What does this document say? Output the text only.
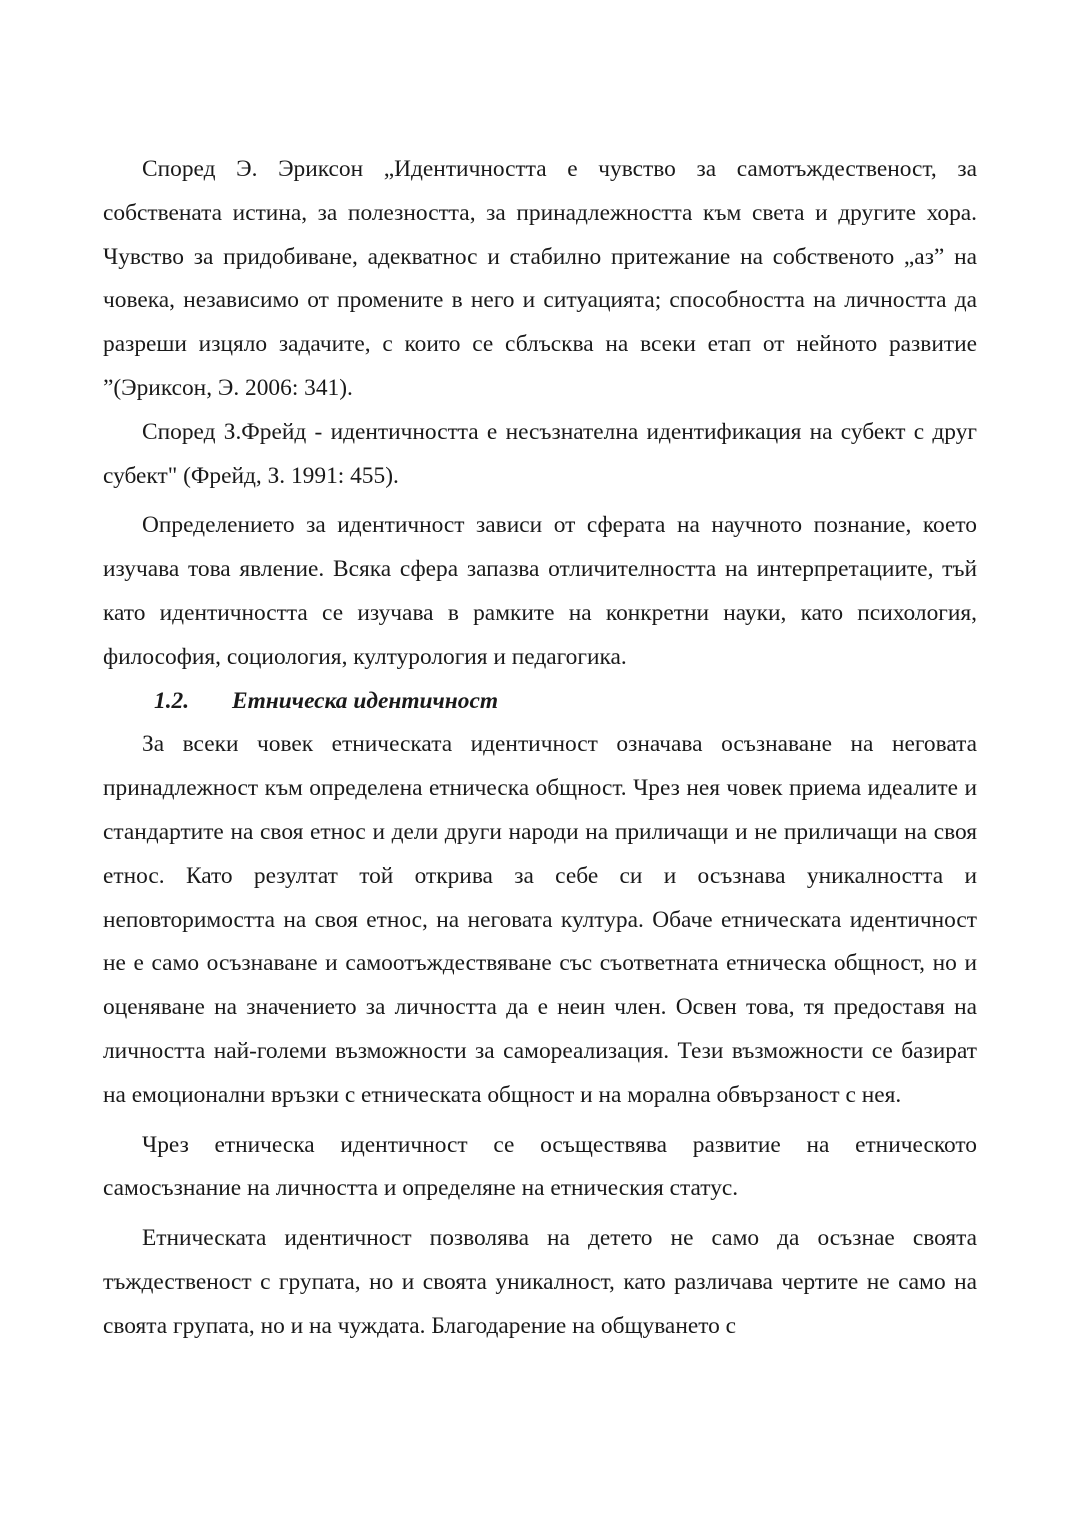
Според Э. Эриксон „Идентичността е чувство за самотъждественост, за собствената истина, за полезността, за принадлежността към света и другите хора. Чувство за придобиване, адекватнос и стабилно притежание на собственото „аз” на човека, независимо от промените в него и ситуацията; способността на личността да разреши изцяло задачите, с които се сблъсква на всеки етап от нейното развитие ”(Эриксон, Э. 2006: 341).

Според З.Фрейд - идентичността е несъзнателна идентификация на субект с друг субект" (Фрейд, З. 1991: 455).

Определението за идентичност зависи от сферата на научното познание, което изучава това явление. Всяка сфера запазва отличителността на интерпретациите, тъй като идентичността се изучава в рамките на конкретни науки, като психология, философия, социология, културология и педагогика.

1.2. Етническа идентичност

За всеки човек етническата идентичност означава осъзнаване на неговата принадлежност към определена етническа общност. Чрез нея човек приема идеалите и стандартите на своя етнос и дели други народи на приличащи и не приличащи на своя етнос. Като резултат той открива за себе си и осъзнава уникалността и неповторимостта на своя етнос, на неговата култура. Обаче етническата идентичност не е само осъзнаване и самоотъждествяване със съответната етническа общност, но и оценяване на значението за личността да е неин член. Освен това, тя предоставя на личността най-големи възможности за самореализация. Тези възможности се базират на емоционални връзки с етническата общност и на морална обвързаност с нея.

Чрез етническа идентичност се осъществява развитие на етническото самосъзнание на личността и определяне на етническия статус.

Етническата идентичност позволява на детето не само да осъзнае своята тъждественост с групата, но и своята уникалност, като различава чертите не само на своята групата, но и на чуждата. Благодарение на общуването с
